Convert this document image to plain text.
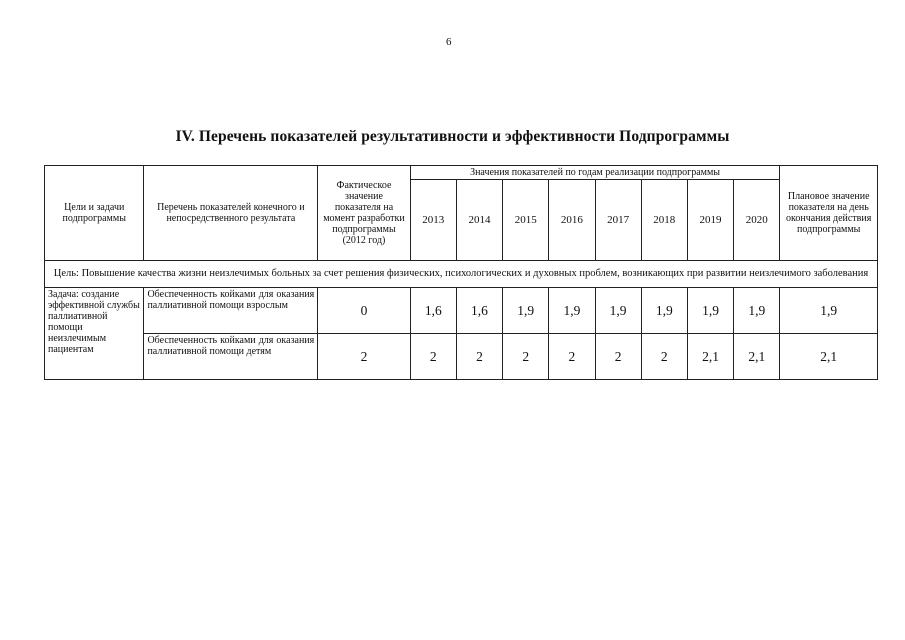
6
IV. Перечень показателей результативности и эффективности Подпрограммы
Цели и задачи подпрограммы	Перечень показателей конечного и непосредственного результата	Фактическое значение показателя на момент разработки подпрограммы (2012 год)	Значения показателей по годам реализации подпрограммы								Плановое значение показателя на день окончания действия подпрограммы
			2013	2014	2015	2016	2017	2018	2019	2020	
Цель: Повышение качества жизни неизлечимых больных за счет решения физических, психологических и духовных проблем, возникающих при развитии неизлечимого заболевания											
Задача: создание эффективной службы паллиативной помощи неизлечимым пациентам	Обеспеченность койками для оказания паллиативной помощи взрослым	0	1,6	1,6	1,9	1,9	1,9	1,9	1,9	1,9	1,9
	Обеспеченность койками для оказания паллиативной помощи детям	2	2	2	2	2	2	2	2,1	2,1	2,1
